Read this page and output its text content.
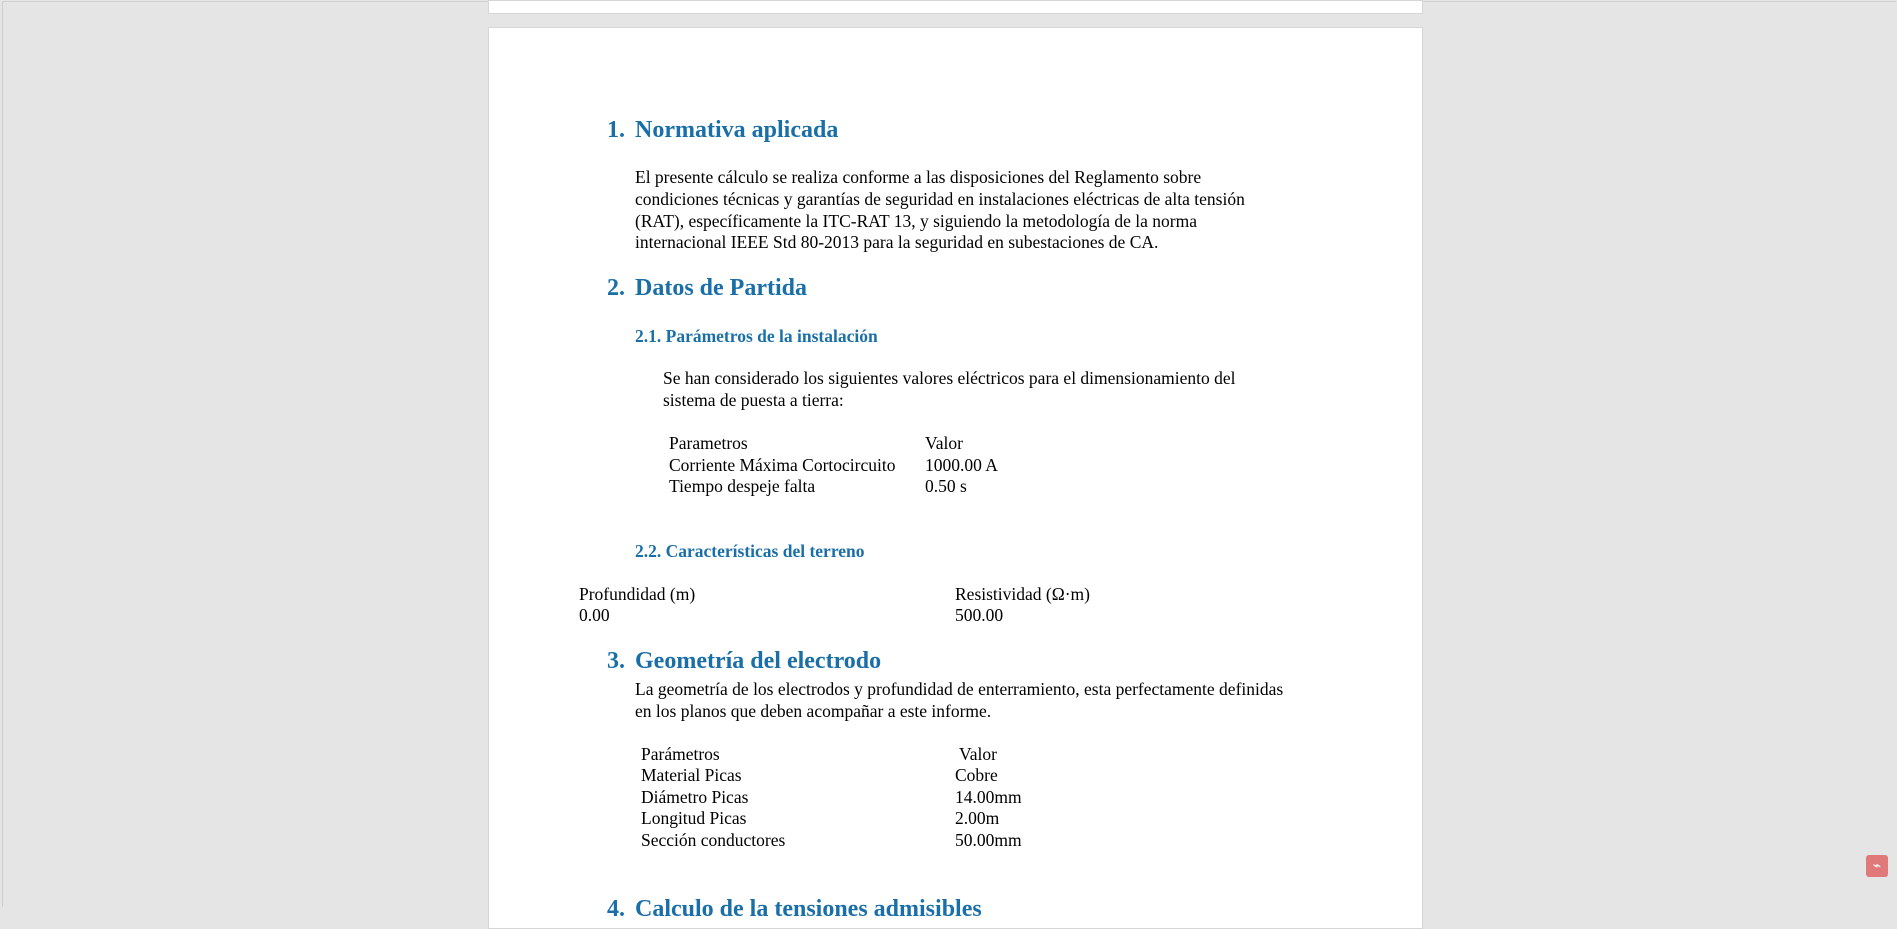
1. Normativa aplicada
El presente cálculo se realiza conforme a las disposiciones del Reglamento sobre
condiciones técnicas y garantías de seguridad en instalaciones eléctricas de alta tensión
(RAT), específicamente la ITC-RAT 13, y siguiendo la metodología de la norma
internacional IEEE Std 80-2013 para la seguridad en subestaciones de CA.
2. Datos de Partida
2.1. Parámetros de la instalación
Se han considerado los siguientes valores eléctricos para el dimensionamiento del
sistema de puesta a tierra:
Parametros	Valor
Corriente Máxima Cortocircuito 1000.00 A
Tiempo despeje falta	0.50 s
2.2. Características del terreno
Profundidad (m)	Resistividad (Ω·m)
0.00	500.00
3. Geometría del electrodo
La geometría de los electrodos y profundidad de enterramiento, esta perfectamente definidas
en los planos que deben acompañar a este informe.
Parámetros	Valor
Material Picas	Cobre
Diámetro Picas	14.00mm
Longitud Picas	2.00m
Sección conductores	50.00mm
4. Calculo de la tensiones admisibles
⌁
